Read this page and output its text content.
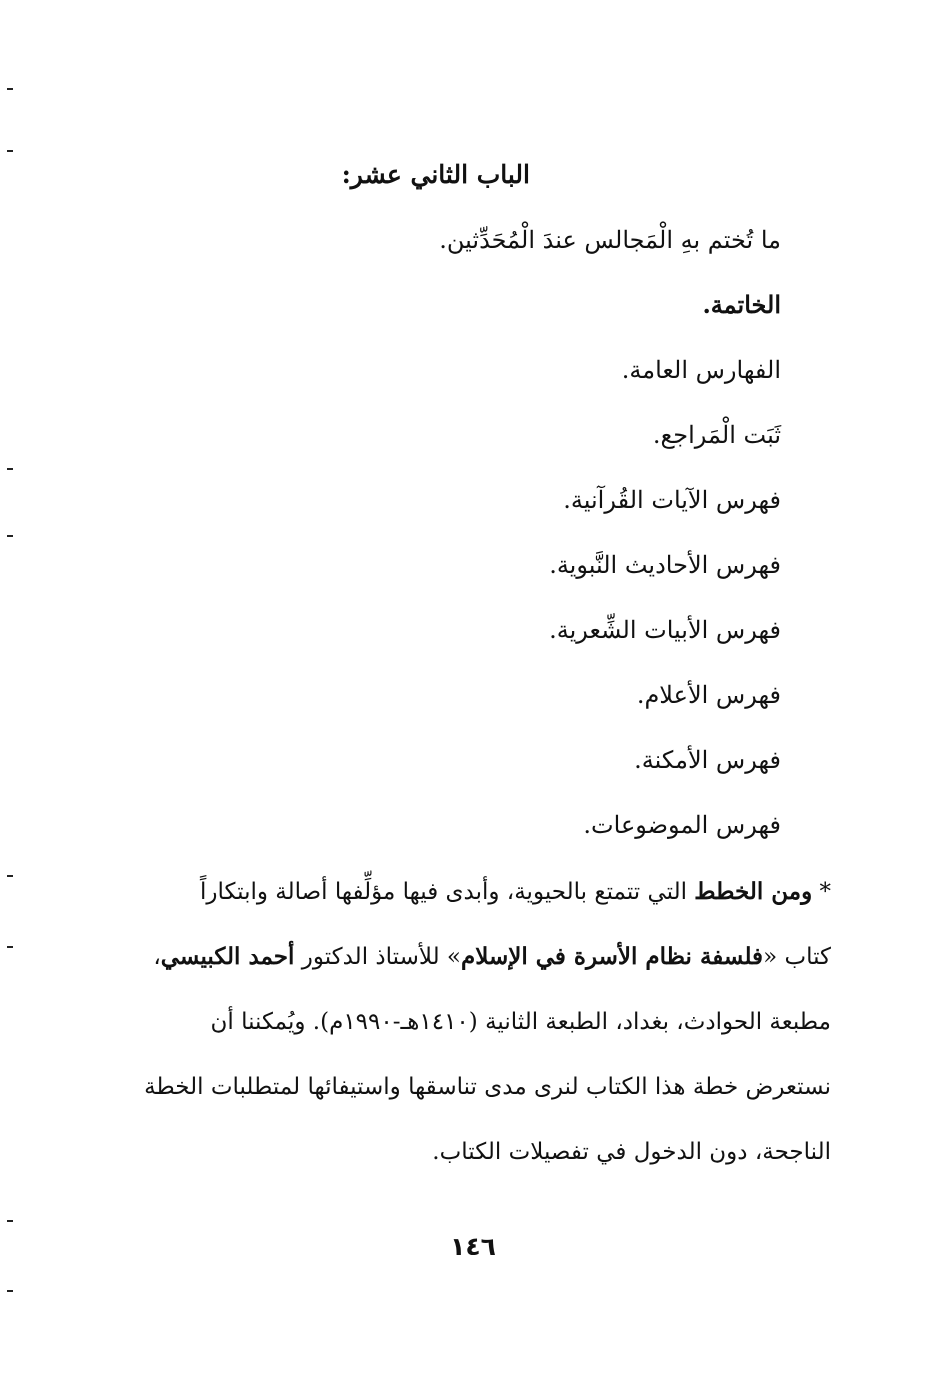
الباب الثاني عشر:
ما تُختم بهِ الْمَجالس عندَ الْمُحَدِّثين.
الخاتمة.
الفهارس العامة.
ثَبَت الْمَراجع.
فهرس الآيات القُرآنية.
فهرس الأحاديث النَّبوية.
فهرس الأبيات الشِّعرية.
فهرس الأعلام.
فهرس الأمكنة.
فهرس الموضوعات.
* ومن الخطط التي تتمتع بالحيوية، وأبدى فيها مؤلِّفها أصالة وابتكاراً
كتاب «فلسفة نظام الأسرة في الإسلام» للأستاذ الدكتور أحمد الكبيسي،
مطبعة الحوادث، بغداد، الطبعة الثانية (١٤١٠هـ-١٩٩٠م). ويُمكننا أن
نستعرض خطة هذا الكتاب لنرى مدى تناسقها واستيفائها لمتطلبات الخطة
الناجحة، دون الدخول في تفصيلات الكتاب.
١٤٦
